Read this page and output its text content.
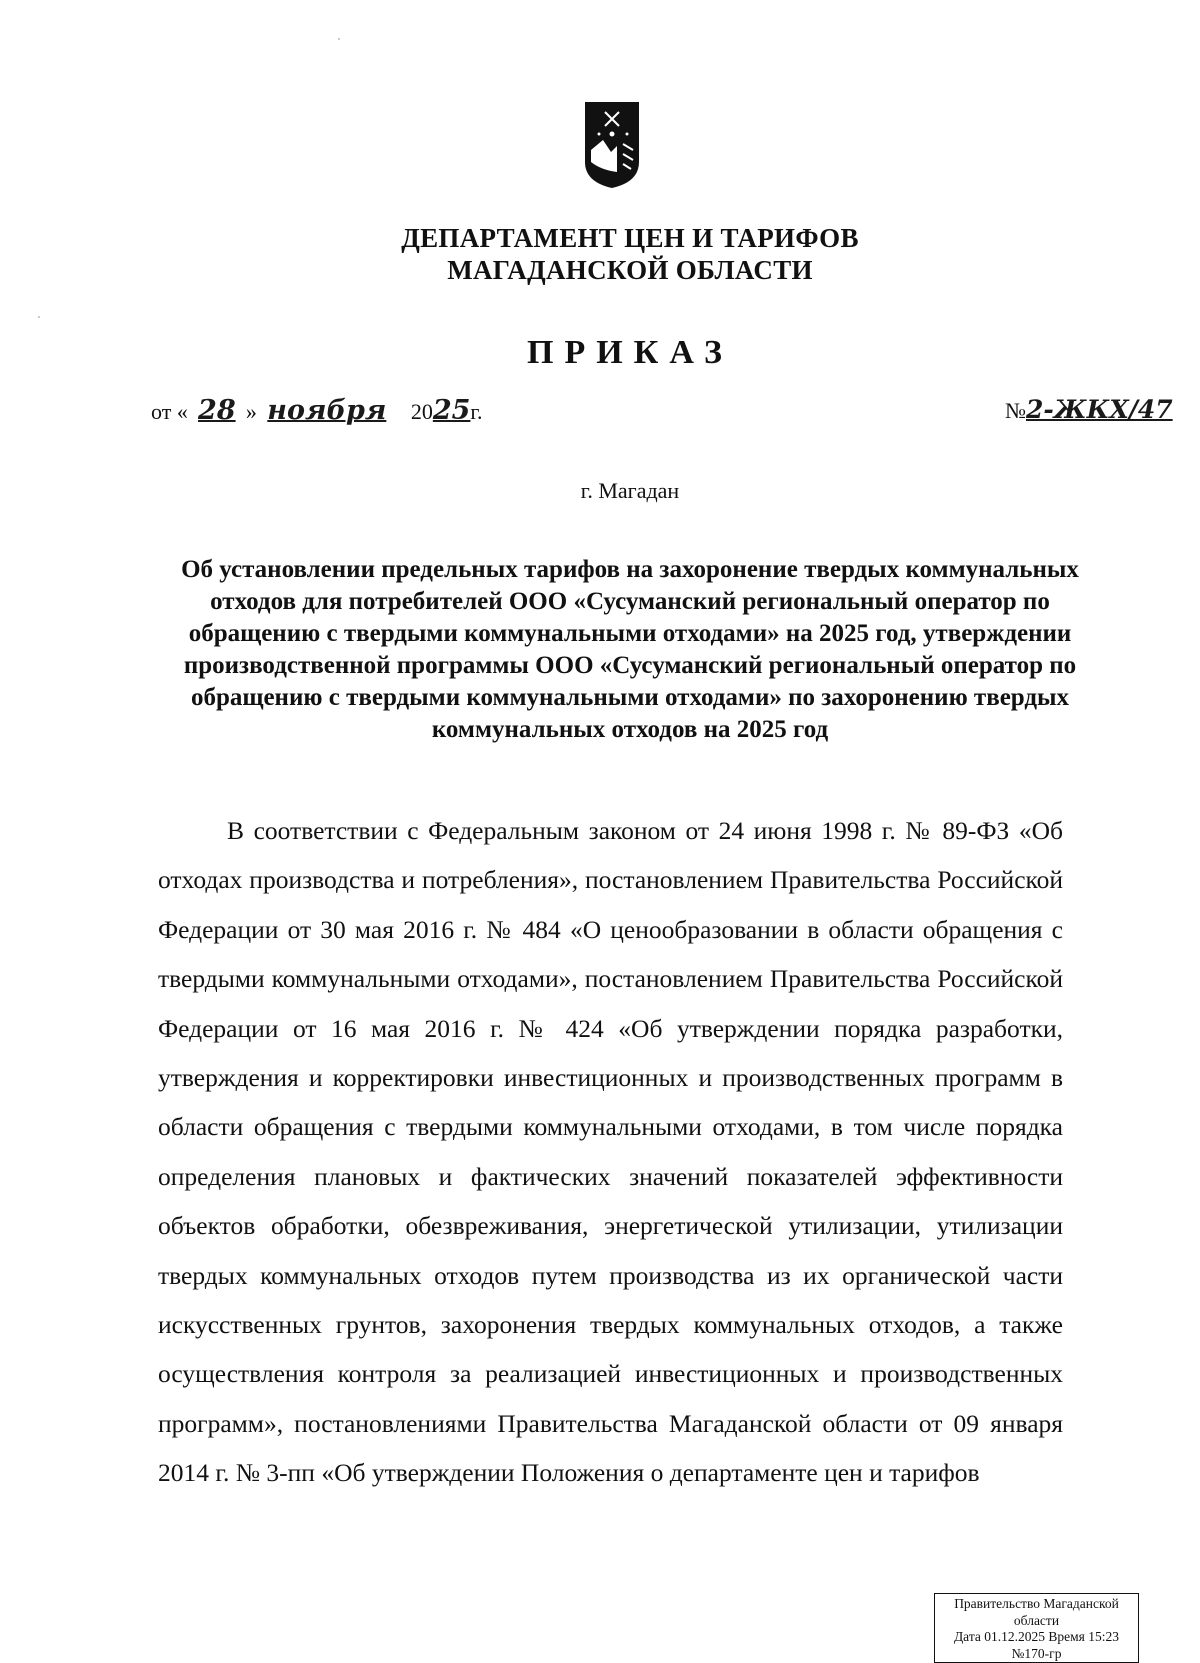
ДЕПАРТАМЕНТ ЦЕН И ТАРИФОВ
МАГАДАНСКОЙ ОБЛАСТИ
ПРИКАЗ
от « 28 » ноября	20 25 г.	№ 2-ЖКХ/47
г. Магадан
Об установлении предельных тарифов на захоронение твердых коммунальных отходов для потребителей ООО «Сусуманский региональный оператор по обращению с твердыми коммунальными отходами» на 2025 год, утверждении производственной программы ООО «Сусуманский региональный оператор по обращению с твердыми коммунальными отходами» по захоронению твердых коммунальных отходов на 2025 год
В соответствии с Федеральным законом от 24 июня 1998 г. № 89-ФЗ «Об отходах производства и потребления», постановлением Правительства Российской Федерации от 30 мая 2016 г. № 484 «О ценообразовании в области обращения с твердыми коммунальными отходами», постановлением Правительства Российской Федерации от 16 мая 2016 г. № 424 «Об утверждении порядка разработки, утверждения и корректировки инвестиционных и производственных программ в области обращения с твердыми коммунальными отходами, в том числе порядка определения плановых и фактических значений показателей эффективности объектов обработки, обезвреживания, энергетической утилизации, утилизации твердых коммунальных отходов путем производства из их органической части искусственных грунтов, захоронения твердых коммунальных отходов, а также осуществления контроля за реализацией инвестиционных и производственных программ», постановлениями Правительства Магаданской области от 09 января 2014 г. № 3-пп «Об утверждении Положения о департаменте цен и тарифов
Правительство Магаданской
области
Дата 01.12.2025 Время 15:23
№170-гр
